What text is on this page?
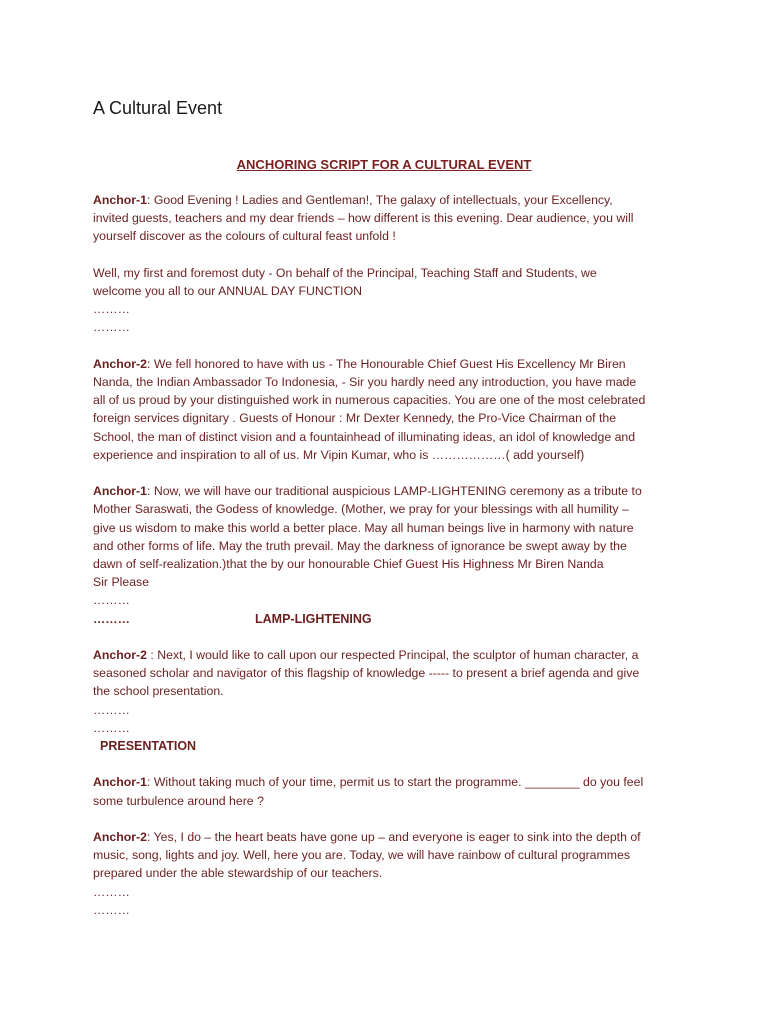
A Cultural Event
ANCHORING SCRIPT FOR A CULTURAL EVENT

Anchor-1: Good Evening ! Ladies and Gentleman!, The galaxy of intellectuals, your Excellency,
invited guests, teachers and my dear friends – how different is this evening. Dear audience, you will
yourself discover as the colours of cultural feast unfold !

Well, my first and foremost duty - On behalf of the Principal, Teaching Staff and Students, we
welcome you all to our ANNUAL DAY FUNCTION
………
………

Anchor-2: We fell honored to have with us - The Honourable Chief Guest His Excellency Mr Biren
Nanda, the Indian Ambassador To Indonesia, - Sir you hardly need any introduction, you have made
all of us proud by your distinguished work in numerous capacities. You are one of the most celebrated
foreign services dignitary . Guests of Honour : Mr Dexter Kennedy, the Pro-Vice Chairman of the
School, the man of distinct vision and a fountainhead of illuminating ideas, an idol of knowledge and
experience and inspiration to all of us. Mr Vipin Kumar, who is ………………( add yourself)

Anchor-1: Now, we will have our traditional auspicious LAMP-LIGHTENING ceremony as a tribute to
Mother Saraswati, the Godess of knowledge. (Mother, we pray for your blessings with all humility –
give us wisdom to make this world a better place. May all human beings live in harmony with nature
and other forms of life. May the truth prevail. May the darkness of ignorance be swept away by the
dawn of self-realization.)that the by our honourable Chief Guest His Highness Mr Biren Nanda
Sir Please
………
………	LAMP-LIGHTENING

Anchor-2 : Next, I would like to call upon our respected Principal, the sculptor of human character, a
seasoned scholar and navigator of this flagship of knowledge ----- to present a brief agenda and give
the school presentation.
………
………
PRESENTATION

Anchor-1: Without taking much of your time, permit us to start the programme. ________ do you feel
some turbulence around here ?

Anchor-2: Yes, I do – the heart beats have gone up – and everyone is eager to sink into the depth of
music, song, lights and joy. Well, here you are. Today, we will have rainbow of cultural programmes
prepared under the able stewardship of our teachers.
………
………
